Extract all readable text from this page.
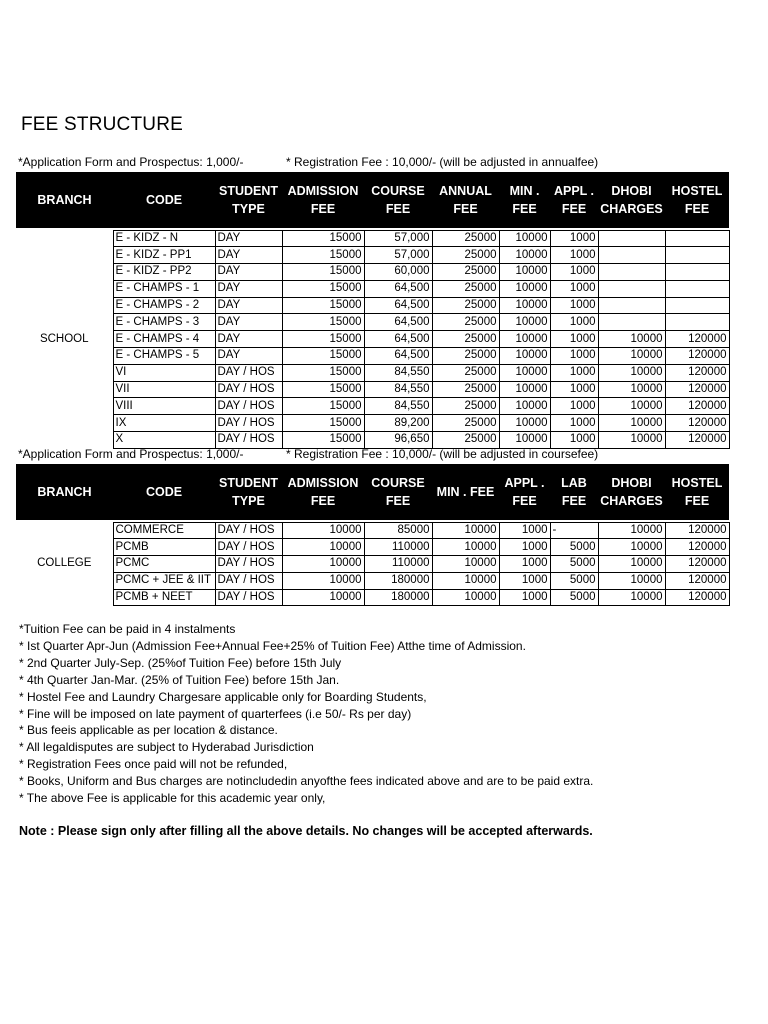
FEE STRUCTURE
*Application Form and Prospectus: 1,000/-	* Registration Fee : 10,000/- (will be adjusted in annualfee)
BRANCH	CODE	STUDENT TYPE	ADMISSION FEE	COURSE FEE	ANNUAL FEE	MIN . FEE	APPL . FEE	DHOBI CHARGES	HOSTEL FEE

SCHOOL	E - KIDZ - N	DAY	15000	57,000	25000	10000	1000		
	E - KIDZ - PP1	DAY	15000	57,000	25000	10000	1000		
	E - KIDZ - PP2	DAY	15000	60,000	25000	10000	1000		
	E - CHAMPS - 1	DAY	15000	64,500	25000	10000	1000		
	E - CHAMPS - 2	DAY	15000	64,500	25000	10000	1000		
	E - CHAMPS - 3	DAY	15000	64,500	25000	10000	1000		
	E - CHAMPS - 4	DAY	15000	64,500	25000	10000	1000	10000	120000
	E - CHAMPS - 5	DAY	15000	64,500	25000	10000	1000	10000	120000
	VI	DAY / HOS	15000	84,550	25000	10000	1000	10000	120000
	VII	DAY / HOS	15000	84,550	25000	10000	1000	10000	120000
	VIII	DAY / HOS	15000	84,550	25000	10000	1000	10000	120000
	IX	DAY / HOS	15000	89,200	25000	10000	1000	10000	120000
	X	DAY / HOS	15000	96,650	25000	10000	1000	10000	120000
*Application Form and Prospectus: 1,000/-	* Registration Fee : 10,000/- (will be adjusted in coursefee)
BRANCH	CODE	STUDENT TYPE	ADMISSION FEE	COURSE FEE	MIN . FEE	APPL . FEE	LAB FEE	DHOBI CHARGES	HOSTEL FEE

COLLEGE	COMMERCE	DAY / HOS	10000	85000	10000	1000	-	10000	120000
	PCMB	DAY / HOS	10000	110000	10000	1000	5000	10000	120000
	PCMC	DAY / HOS	10000	110000	10000	1000	5000	10000	120000
	PCMC + JEE & IIT	DAY / HOS	10000	180000	10000	1000	5000	10000	120000
	PCMB + NEET	DAY / HOS	10000	180000	10000	1000	5000	10000	120000
*Tuition Fee can be paid in 4 instalments
* Ist Quarter Apr-Jun (Admission Fee+Annual Fee+25% of Tuition Fee) Atthe time of Admission.
* 2nd Quarter July-Sep. (25%of Tuition Fee) before 15th July
* 4th Quarter Jan-Mar. (25% of Tuition Fee) before 15th Jan.
* Hostel Fee and Laundry Chargesare applicable only for Boarding Students,
* Fine will be imposed on late payment of quarterfees (i.e 50/- Rs per day)
* Bus feeis applicable as per location & distance.
* All legaldisputes are subject to Hyderabad Jurisdiction
* Registration Fees once paid will not be refunded,
* Books, Uniform and Bus charges are notincludedin anyofthe fees indicated above and are to be paid extra.
* The above Fee is applicable for this academic year only,
Note : Please sign only after filling all the above details. No changes will be accepted afterwards.
